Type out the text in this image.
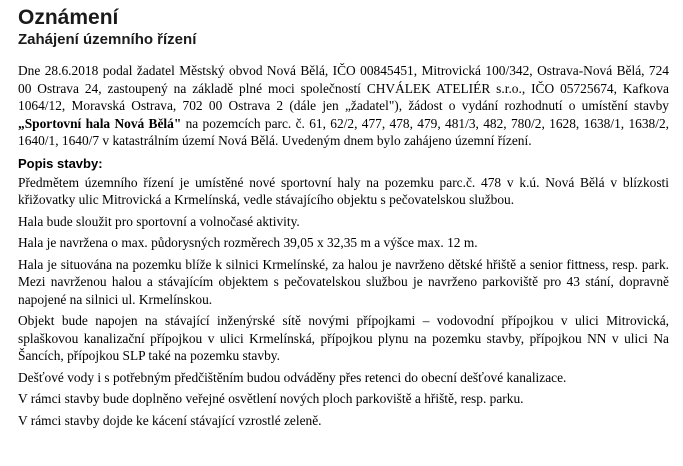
Oznámení
Zahájení územního řízení

Dne 28.6.2018 podal žadatel Městský obvod Nová Bělá, IČO 00845451, Mitrovická 100/342, Ostrava-Nová Bělá, 724 00 Ostrava 24, zastoupený na základě plné moci společností CHVÁLEK ATELIÉR s.r.o., IČO 05725674, Kafkova 1064/12, Moravská Ostrava, 702 00 Ostrava 2 (dále jen „žadatel"), žádost o vydání rozhodnutí o umístění stavby „Sportovní hala Nová Bělá" na pozemcích parc. č. 61, 62/2, 477, 478, 479, 481/3, 482, 780/2, 1628, 1638/1, 1638/2, 1640/1, 1640/7 v katastrálním území Nová Bělá. Uvedeným dnem bylo zahájeno územní řízení.

Popis stavby:

Předmětem územního řízení je umístěné nové sportovní haly na pozemku parc.č. 478 v k.ú. Nová Bělá v blízkosti křižovatky ulic Mitrovická a Krmelínská, vedle stávajícího objektu s pečovatelskou službou.

Hala bude sloužit pro sportovní a volnočasé aktivity.

Hala je navržena o max. půdorysných rozměrech 39,05 x 32,35 m a výšce max. 12 m.

Hala je situována na pozemku blíže k silnici Krmelínské, za halou je navrženo dětské hřiště a senior fittness, resp. park. Mezi navrženou halou a stávajícím objektem s pečovatelskou službou je navrženo parkoviště pro 43 stání, dopravně napojené na silnici ul. Krmelínskou.

Objekt bude napojen na stávající inženýrské sítě novými přípojkami – vodovodní přípojkou v ulici Mitrovická, splaškovou kanalizační přípojkou v ulici Krmelínská, přípojkou plynu na pozemku stavby, přípojkou NN v ulici Na Šancích, přípojkou SLP také na pozemku stavby.

Dešťové vody i s potřebným předčištěním budou odváděny přes retenci do obecní dešťové kanalizace.

V rámci stavby bude doplněno veřejné osvětlení nových ploch parkoviště a hřiště, resp. parku.

V rámci stavby dojde ke kácení stávající vzrostlé zeleně.
